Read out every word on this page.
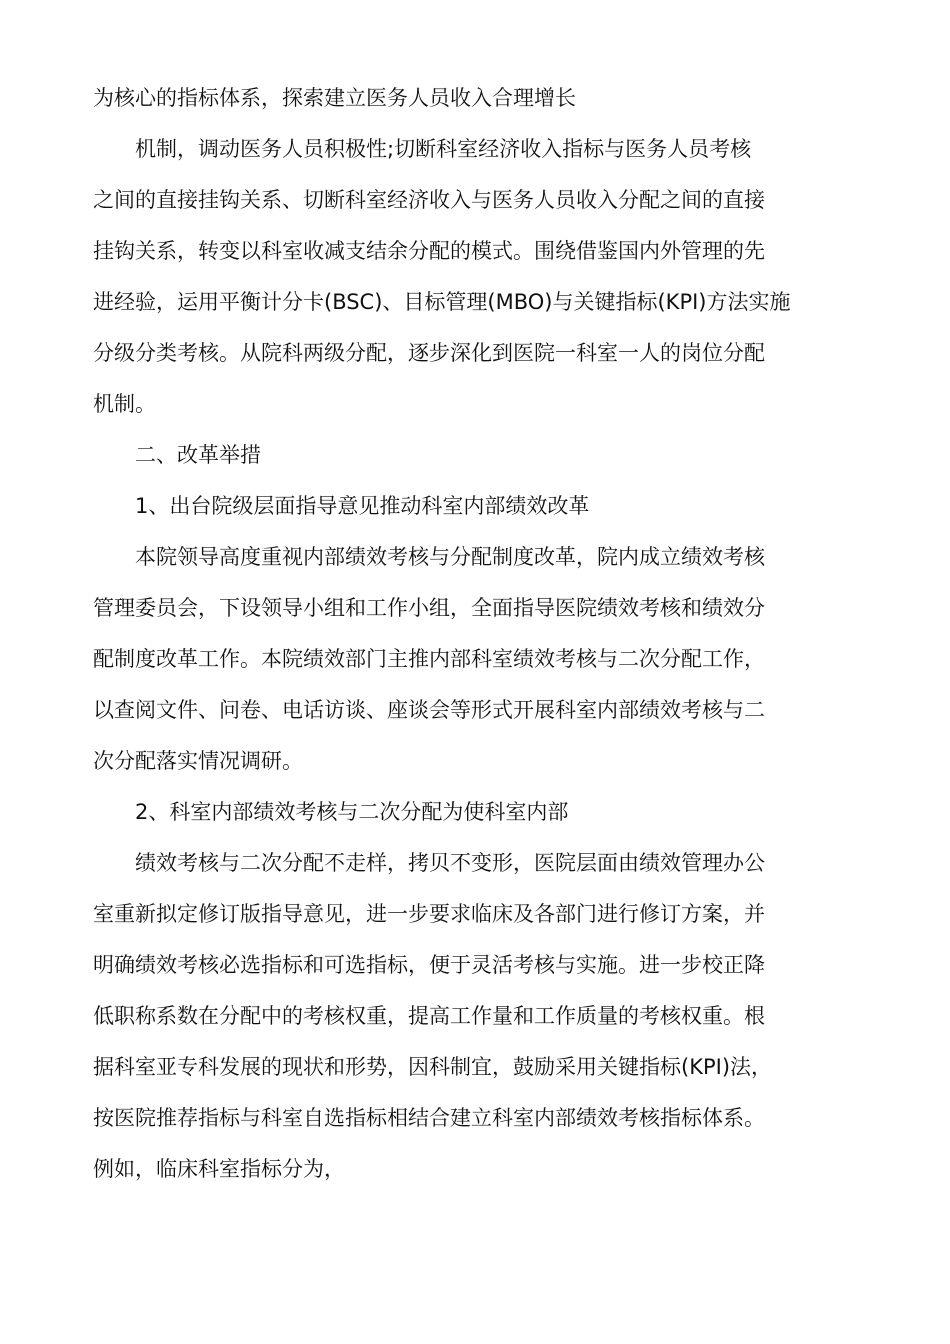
为核心的指标体系，探索建立医务人员收入合理增长
机制，调动医务人员积极性;切断科室经济收入指标与医务人员考核
之间的直接挂钩关系、切断科室经济收入与医务人员收入分配之间的直接
挂钩关系，转变以科室收减支结余分配的模式。围绕借鉴国内外管理的先
进经验，运用平衡计分卡(BSC)、目标管理(MBO)与关键指标(KPI)方法实施
分级分类考核。从院科两级分配，逐步深化到医院一科室一人的岗位分配
机制。
二、改革举措
1、出台院级层面指导意见推动科室内部绩效改革
本院领导高度重视内部绩效考核与分配制度改革，院内成立绩效考核
管理委员会，下设领导小组和工作小组，全面指导医院绩效考核和绩效分
配制度改革工作。本院绩效部门主推内部科室绩效考核与二次分配工作，
以查阅文件、问卷、电话访谈、座谈会等形式开展科室内部绩效考核与二
次分配落实情况调研。
2、科室内部绩效考核与二次分配为使科室内部
绩效考核与二次分配不走样，拷贝不变形，医院层面由绩效管理办公
室重新拟定修订版指导意见，进一步要求临床及各部门进行修订方案，并
明确绩效考核必选指标和可选指标，便于灵活考核与实施。进一步校正降
低职称系数在分配中的考核权重，提高工作量和工作质量的考核权重。根
据科室亚专科发展的现状和形势，因科制宜，鼓励采用关键指标(KPI)法，
按医院推荐指标与科室自选指标相结合建立科室内部绩效考核指标体系。
例如，临床科室指标分为，
